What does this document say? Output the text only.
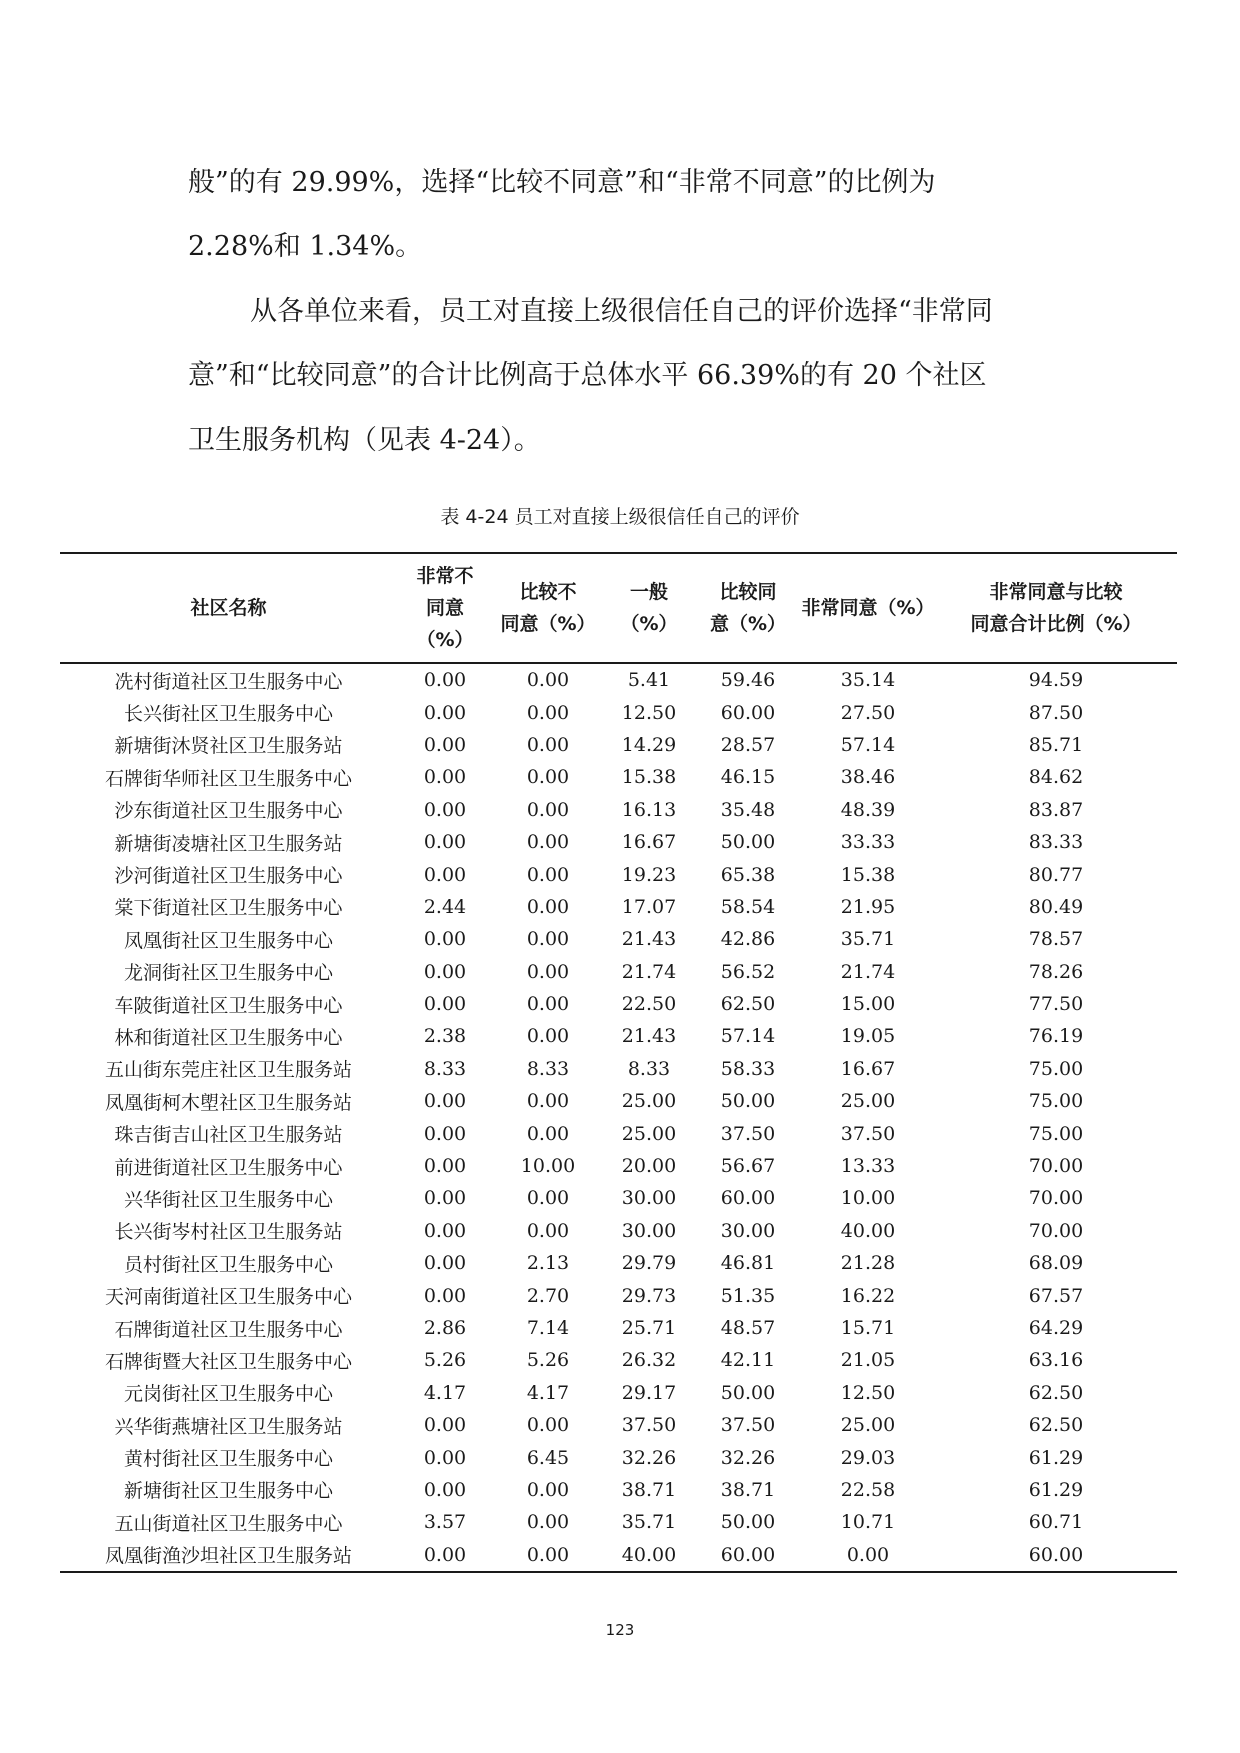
般”的有 29.99%，选择“比较不同意”和“非常不同意”的比例为

2.28%和 1.34%。

从各单位来看，员工对直接上级很信任自己的评价选择“非常同

意”和“比较同意”的合计比例高于总体水平 66.39%的有 20 个社区

卫生服务机构（见表 4-24）。

表 4-24 员工对直接上级很信任自己的评价

社区名称	非常不
同意
（%）	比较不
同意（%）	一般
（%）	比较同
意（%）	非常同意（%）	非常同意与比较
同意合计比例（%）

冼村街道社区卫生服务中心	0.00	0.00	5.41	59.46	35.14	94.59
长兴街社区卫生服务中心	0.00	0.00	12.50	60.00	27.50	87.50
新塘街沐贤社区卫生服务站	0.00	0.00	14.29	28.57	57.14	85.71
石牌街华师社区卫生服务中心	0.00	0.00	15.38	46.15	38.46	84.62
沙东街道社区卫生服务中心	0.00	0.00	16.13	35.48	48.39	83.87
新塘街凌塘社区卫生服务站	0.00	0.00	16.67	50.00	33.33	83.33
沙河街道社区卫生服务中心	0.00	0.00	19.23	65.38	15.38	80.77
棠下街道社区卫生服务中心	2.44	0.00	17.07	58.54	21.95	80.49
凤凰街社区卫生服务中心	0.00	0.00	21.43	42.86	35.71	78.57
龙洞街社区卫生服务中心	0.00	0.00	21.74	56.52	21.74	78.26
车陂街道社区卫生服务中心	0.00	0.00	22.50	62.50	15.00	77.50
林和街道社区卫生服务中心	2.38	0.00	21.43	57.14	19.05	76.19
五山街东莞庄社区卫生服务站	8.33	8.33	8.33	58.33	16.67	75.00
凤凰街柯木塱社区卫生服务站	0.00	0.00	25.00	50.00	25.00	75.00
珠吉街吉山社区卫生服务站	0.00	0.00	25.00	37.50	37.50	75.00
前进街道社区卫生服务中心	0.00	10.00	20.00	56.67	13.33	70.00
兴华街社区卫生服务中心	0.00	0.00	30.00	60.00	10.00	70.00
长兴街岑村社区卫生服务站	0.00	0.00	30.00	30.00	40.00	70.00
员村街社区卫生服务中心	0.00	2.13	29.79	46.81	21.28	68.09
天河南街道社区卫生服务中心	0.00	2.70	29.73	51.35	16.22	67.57
石牌街道社区卫生服务中心	2.86	7.14	25.71	48.57	15.71	64.29
石牌街暨大社区卫生服务中心	5.26	5.26	26.32	42.11	21.05	63.16
元岗街社区卫生服务中心	4.17	4.17	29.17	50.00	12.50	62.50
兴华街燕塘社区卫生服务站	0.00	0.00	37.50	37.50	25.00	62.50
黄村街社区卫生服务中心	0.00	6.45	32.26	32.26	29.03	61.29
新塘街社区卫生服务中心	0.00	0.00	38.71	38.71	22.58	61.29
五山街道社区卫生服务中心	3.57	0.00	35.71	50.00	10.71	60.71
凤凰街渔沙坦社区卫生服务站	0.00	0.00	40.00	60.00	0.00	60.00

123
